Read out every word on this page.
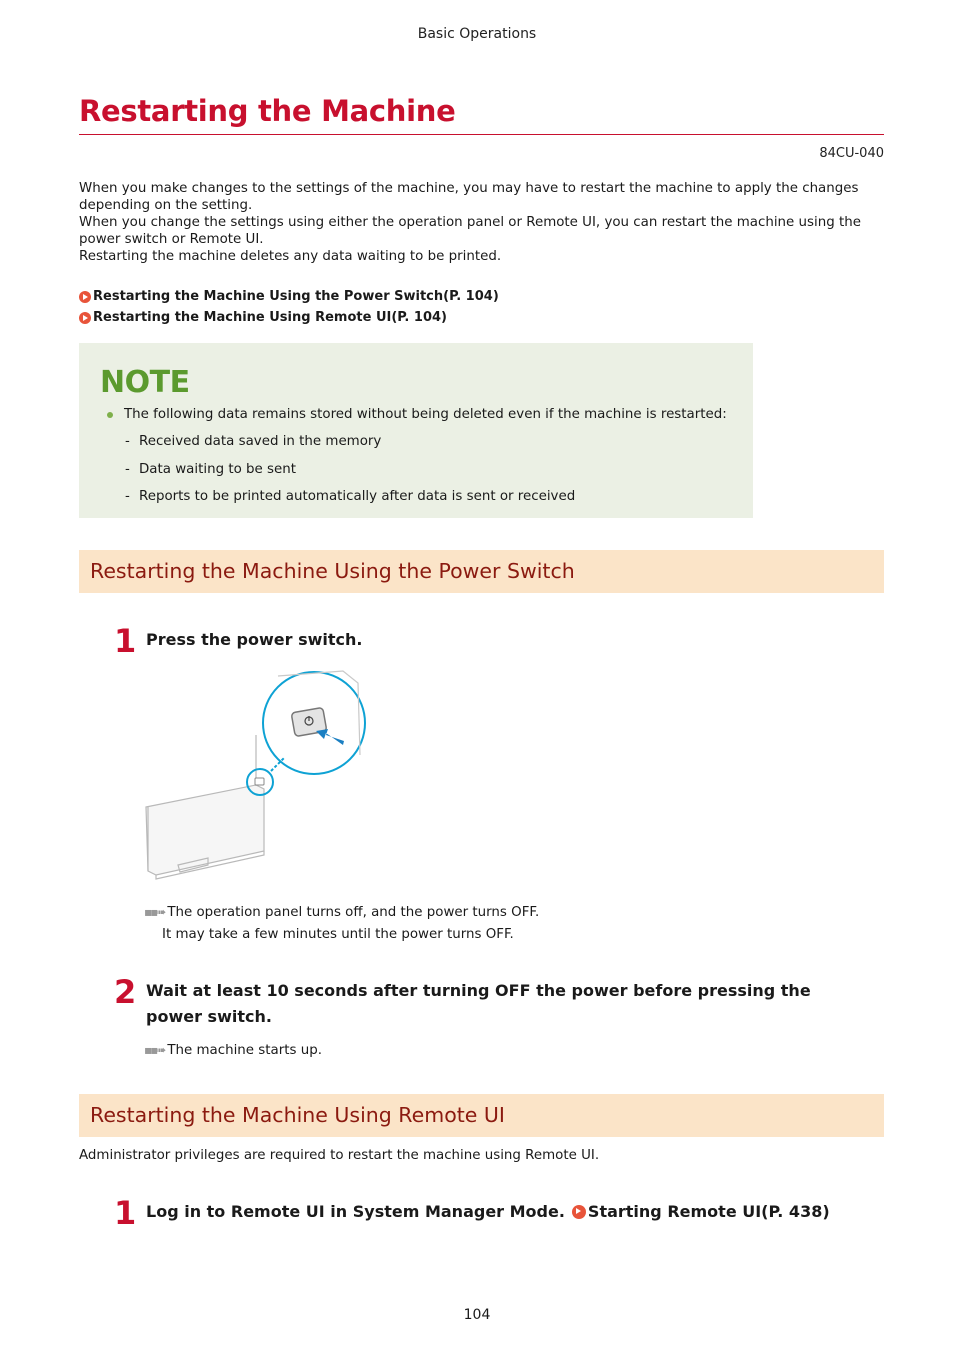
Basic Operations
Restarting the Machine
84CU-040

When you make changes to the settings of the machine, you may have to restart the machine to apply the changes depending on the setting.

When you change the settings using either the operation panel or Remote UI, you can restart the machine using the power switch or Remote UI.

Restarting the machine deletes any data waiting to be printed.

Restarting the Machine Using the Power Switch(P. 104)
Restarting the Machine Using Remote UI(P. 104)
NOTE
The following data remains stored without being deleted even if the machine is restarted:
- Received data saved in the memory
- Data waiting to be sent
- Reports to be printed automatically after data is sent or received
Restarting the Machine Using the Power Switch
1 Press the power switch.
▪▪➠ The operation panel turns off, and the power turns OFF.
It may take a few minutes until the power turns OFF.
2 Wait at least 10 seconds after turning OFF the power before pressing the power switch.
▪▪➠ The machine starts up.
Restarting the Machine Using Remote UI
Administrator privileges are required to restart the machine using Remote UI.
1 Log in to Remote UI in System Manager Mode. Starting Remote UI(P. 438)
104
